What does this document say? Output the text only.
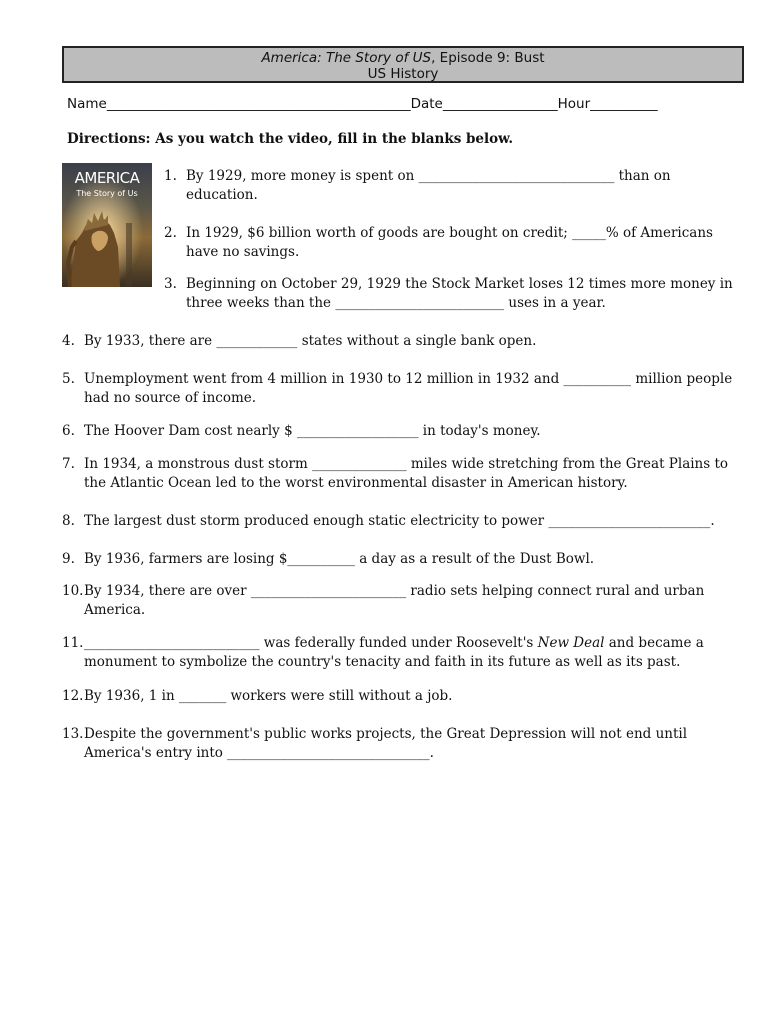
America: The Story of US, Episode 9: Bust
US History
Name_____________________________________________Date_________________Hour__________
Directions: As you watch the video, fill in the blanks below.
AMERICA
The Story of Us
1. By 1929, more money is spent on _____________________________ than on education.
2. In 1929, $6 billion worth of goods are bought on credit; _____% of Americans have no savings.
3. Beginning on October 29, 1929 the Stock Market loses 12 times more money in three weeks than the _________________________ uses in a year.
4. By 1933, there are ____________ states without a single bank open.
5. Unemployment went from 4 million in 1930 to 12 million in 1932 and __________ million people had no source of income.
6. The Hoover Dam cost nearly $ __________________ in today's money.
7. In 1934, a monstrous dust storm ______________ miles wide stretching from the Great Plains to the Atlantic Ocean led to the worst environmental disaster in American history.
8. The largest dust storm produced enough static electricity to power ________________________.
9. By 1936, farmers are losing $__________ a day as a result of the Dust Bowl.
10. By 1934, there are over _______________________ radio sets helping connect rural and urban America.
11. __________________________ was federally funded under Roosevelt's New Deal and became a monument to symbolize the country's tenacity and faith in its future as well as its past.
12. By 1936, 1 in _______ workers were still without a job.
13. Despite the government's public works projects, the Great Depression will not end until America's entry into ______________________________.
